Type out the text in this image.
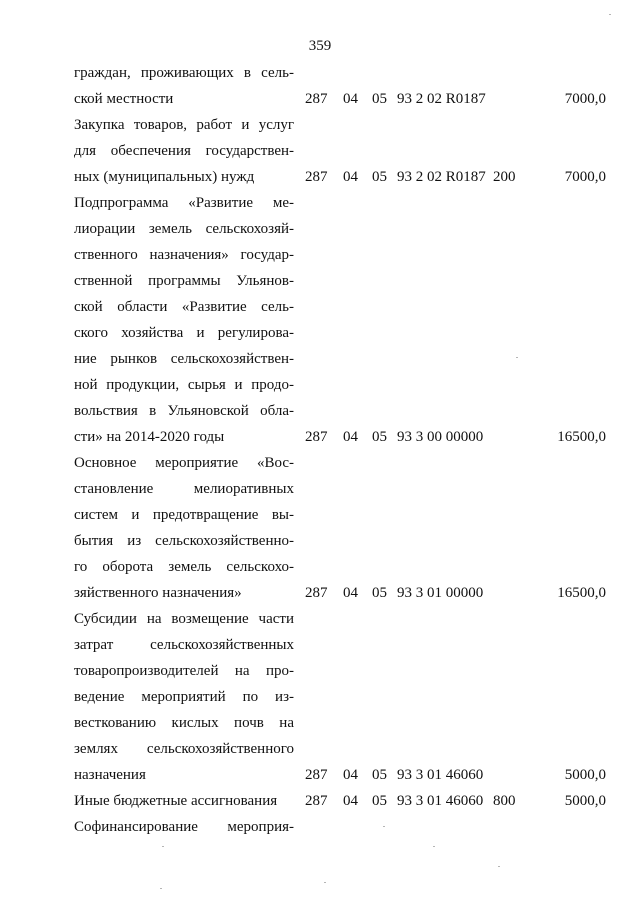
359
граждан, проживающих в сель-
ской местности	287 04 05 93 2 02 R0187	7000,0
Закупка товаров, работ и услуг
для обеспечения государствен-
ных (муниципальных) нужд	287 04 05 93 2 02 R0187 200	7000,0
Подпрограмма «Развитие ме-
лиорации земель сельскохозяй-
ственного назначения» государ-
ственной программы Ульянов-
ской области «Развитие сель-
ского хозяйства и регулирова-
ние рынков сельскохозяйствен-
ной продукции, сырья и продо-
вольствия в Ульяновской обла-
сти» на 2014-2020 годы	287 04 05 93 3 00 00000	16500,0
Основное мероприятие «Вос-
становление мелиоративных
систем и предотвращение вы-
бытия из сельскохозяйственно-
го оборота земель сельскохо-
зяйственного назначения»	287 04 05 93 3 01 00000	16500,0
Субсидии на возмещение части
затрат сельскохозяйственных
товаропроизводителей на про-
ведение мероприятий по из-
весткованию кислых почв на
землях сельскохозяйственного
назначения	287 04 05 93 3 01 46060	5000,0
Иные бюджетные ассигнования	287 04 05 93 3 01 46060 800	5000,0
Софинансирование мероприя-
